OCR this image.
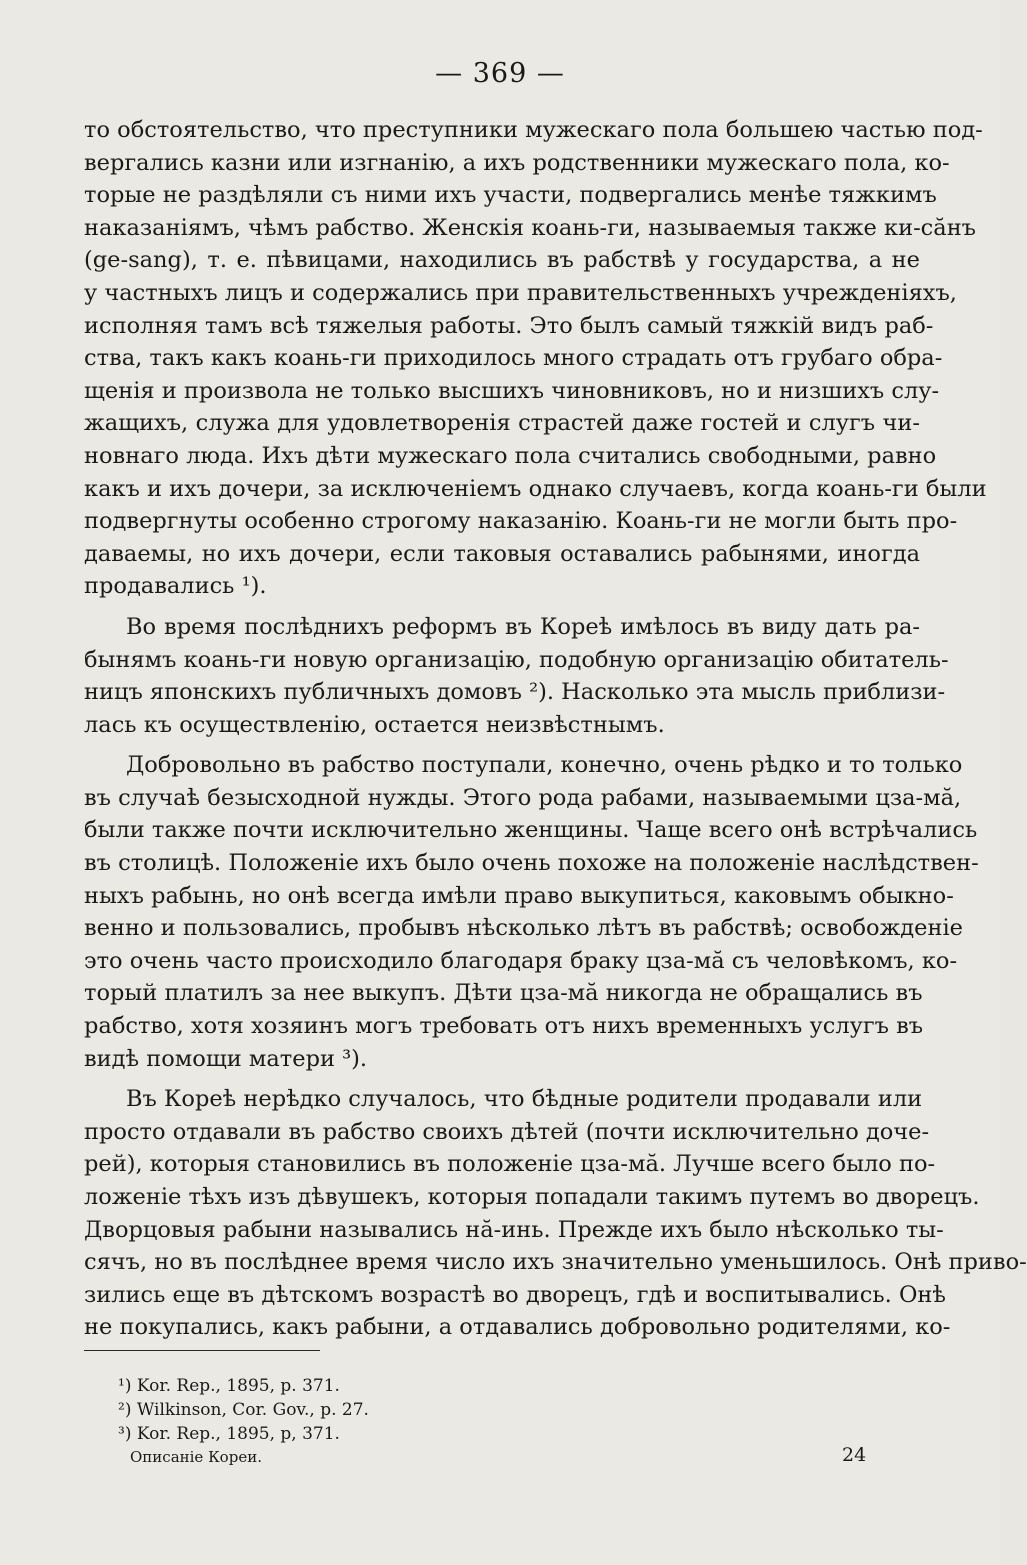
— 369 —
то обстоятельство, что преступники мужескаго пола большею частью под-
вергались казни или изгнанію, а ихъ родственники мужескаго пола, ко-
торые не раздѣляли съ ними ихъ участи, подвергались менѣе тяжкимъ
наказаніямъ, чѣмъ рабство. Женскія коань-ги, называемыя также ки-сăнъ
(ge-sang), т. е. пѣвицами, находились въ рабствѣ у государства, а не
у частныхъ лицъ и содержались при правительственныхъ учрежденіяхъ,
исполняя тамъ всѣ тяжелыя работы. Это былъ самый тяжкій видъ раб-
ства, такъ какъ коань-ги приходилось много страдать отъ грубаго обра-
щенія и произвола не только высшихъ чиновниковъ, но и низшихъ слу-
жащихъ, служа для удовлетворенія страстей даже гостей и слугъ чи-
новнаго люда. Ихъ дѣти мужескаго пола считались свободными, равно
какъ и ихъ дочери, за исключеніемъ однако случаевъ, когда коань-ги были
подвергнуты особенно строгому наказанію. Коань-ги не могли быть про-
даваемы, но ихъ дочери, если таковыя оставались рабынями, иногда
продавались ¹).
Во время послѣднихъ реформъ въ Кореѣ имѣлось въ виду дать ра-
бынямъ коань-ги новую организацію, подобную организацію обитатель-
ницъ японскихъ публичныхъ домовъ ²). Насколько эта мысль приблизи-
лась къ осуществленію, остается неизвѣстнымъ.
Добровольно въ рабство поступали, конечно, очень рѣдко и то только
въ случаѣ безысходной нужды. Этого рода рабами, называемыми цза-мă,
были также почти исключительно женщины. Чаще всего онѣ встрѣчались
въ столицѣ. Положеніе ихъ было очень похоже на положеніе наслѣдствен-
ныхъ рабынь, но онѣ всегда имѣли право выкупиться, каковымъ обыкно-
венно и пользовались, пробывъ нѣсколько лѣтъ въ рабствѣ; освобожденіе
это очень часто происходило благодаря браку цза-мă съ человѣкомъ, ко-
торый платилъ за нее выкупъ. Дѣти цза-мă никогда не обращались въ
рабство, хотя хозяинъ могъ требовать отъ нихъ временныхъ услугъ въ
видѣ помощи матери ³).
Въ Кореѣ нерѣдко случалось, что бѣдные родители продавали или
просто отдавали въ рабство своихъ дѣтей (почти исключительно доче-
рей), которыя становились въ положеніе цза-мă. Лучше всего было по-
ложеніе тѣхъ изъ дѣвушекъ, которыя попадали такимъ путемъ во дворецъ.
Дворцовыя рабыни назывались нă-инь. Прежде ихъ было нѣсколько ты-
сячъ, но въ послѣднее время число ихъ значительно уменьшилось. Онѣ приво-
зились еще въ дѣтскомъ возрастѣ во дворецъ, гдѣ и воспитывались. Онѣ
не покупались, какъ рабыни, а отдавались добровольно родителями, ко-
¹) Kor. Rep., 1895, p. 371.
²) Wilkinson, Cor. Gov., p. 27.
³) Kor. Rep., 1895, p, 371.
Описаніе Кореи.	24
